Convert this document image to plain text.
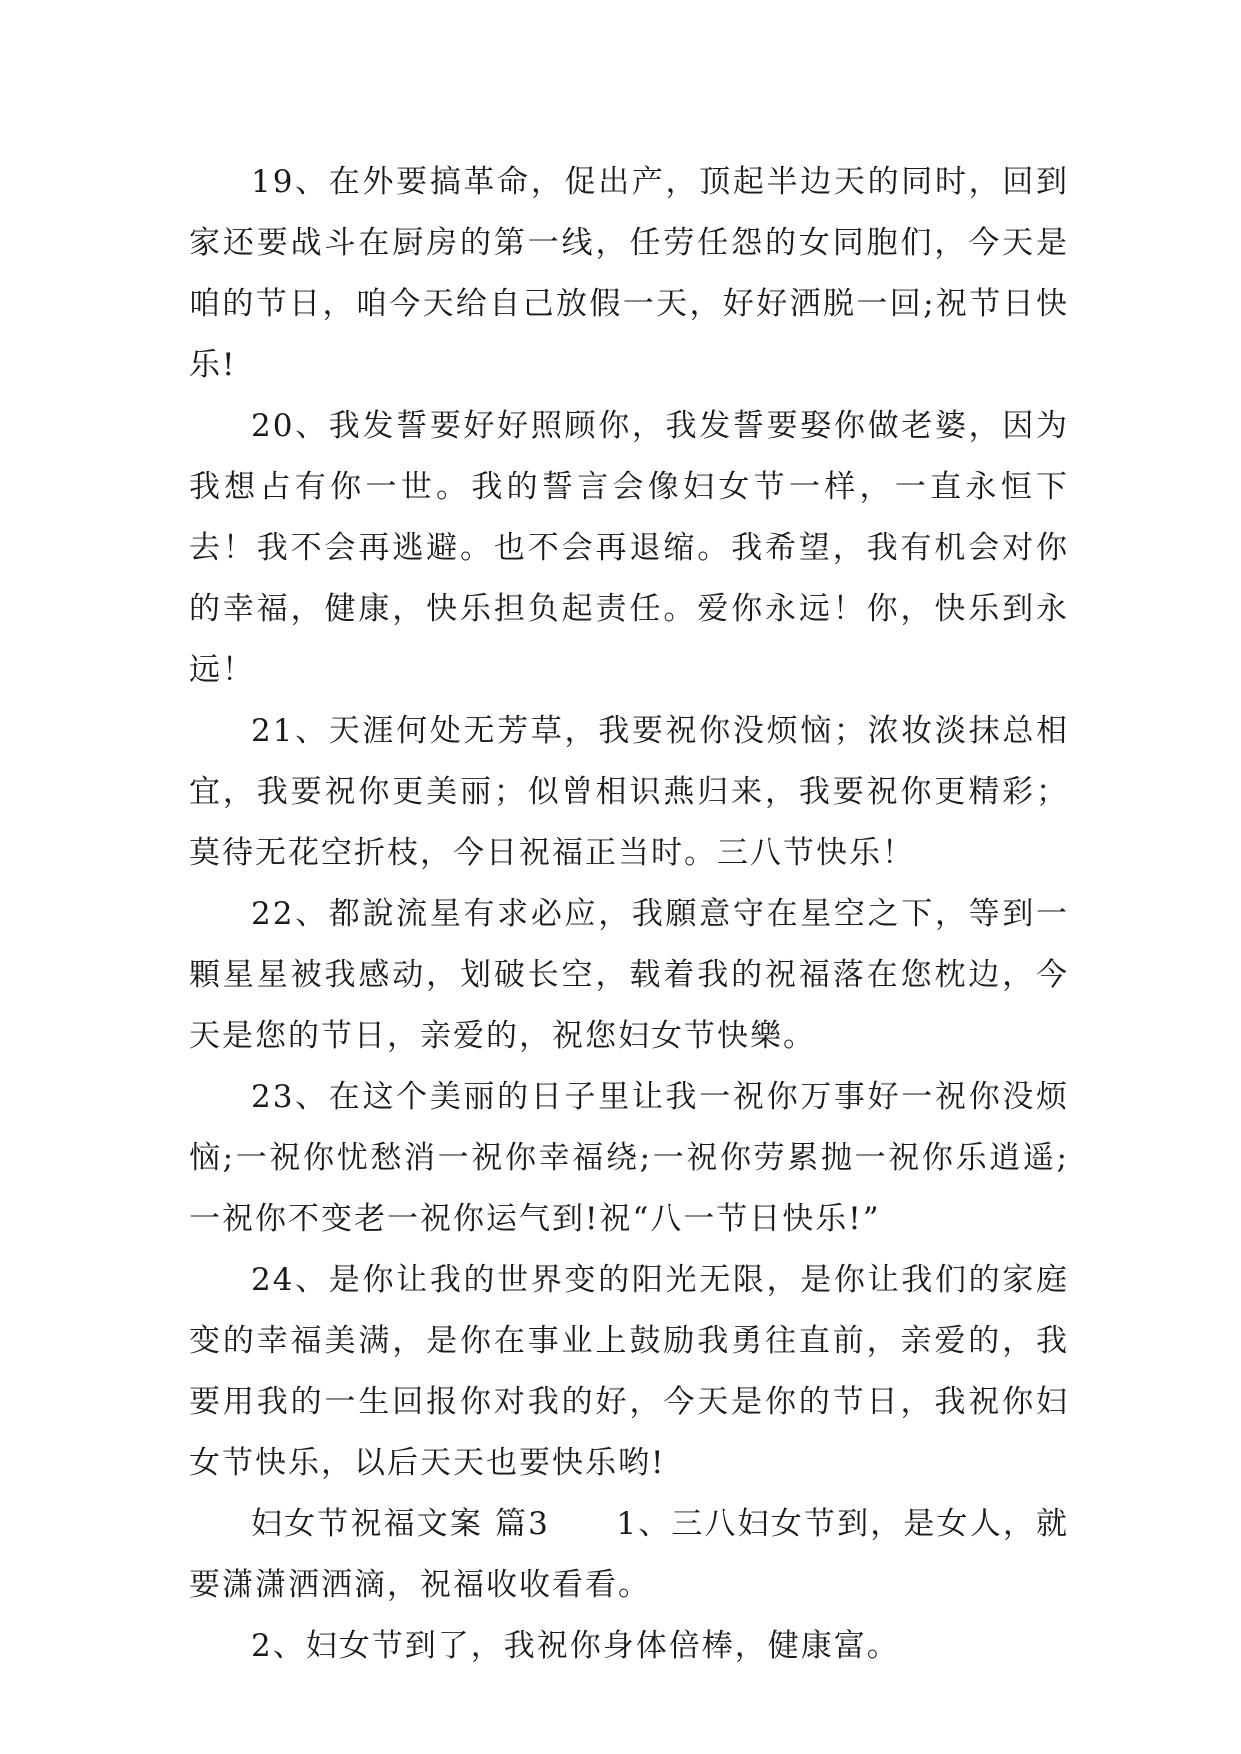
19、在外要搞革命，促出产，顶起半边天的同时，回到家还要战斗在厨房的第一线，任劳任怨的女同胞们，今天是咱的节日，咱今天给自己放假一天，好好洒脱一回;祝节日快乐!

20、我发誓要好好照顾你，我发誓要娶你做老婆，因为我想占有你一世。我的誓言会像妇女节一样，一直永恒下去！我不会再逃避。也不会再退缩。我希望，我有机会对你的幸福，健康，快乐担负起责任。爱你永远！你，快乐到永远！

21、天涯何处无芳草，我要祝你没烦恼；浓妆淡抹总相宜，我要祝你更美丽；似曾相识燕归来，我要祝你更精彩；莫待无花空折枝，今日祝福正当时。三八节快乐！

22、都說流星有求必应，我願意守在星空之下，等到一顆星星被我感动，划破长空，载着我的祝福落在您枕边，今天是您的节日，亲爱的，祝您妇女节快樂。

23、在这个美丽的日子里让我一祝你万事好一祝你没烦恼;一祝你忧愁消一祝你幸福绕;一祝你劳累抛一祝你乐逍遥;一祝你不变老一祝你运气到!祝“八一节日快乐!”

24、是你让我的世界变的阳光无限，是你让我们的家庭变的幸福美满，是你在事业上鼓励我勇往直前，亲爱的，我要用我的一生回报你对我的好，今天是你的节日，我祝你妇女节快乐，以后天天也要快乐哟!

妇女节祝福文案 篇3　　1、三八妇女节到，是女人，就要潇潇洒洒滴，祝福收收看看。

2、妇女节到了，我祝你身体倍棒，健康富。
